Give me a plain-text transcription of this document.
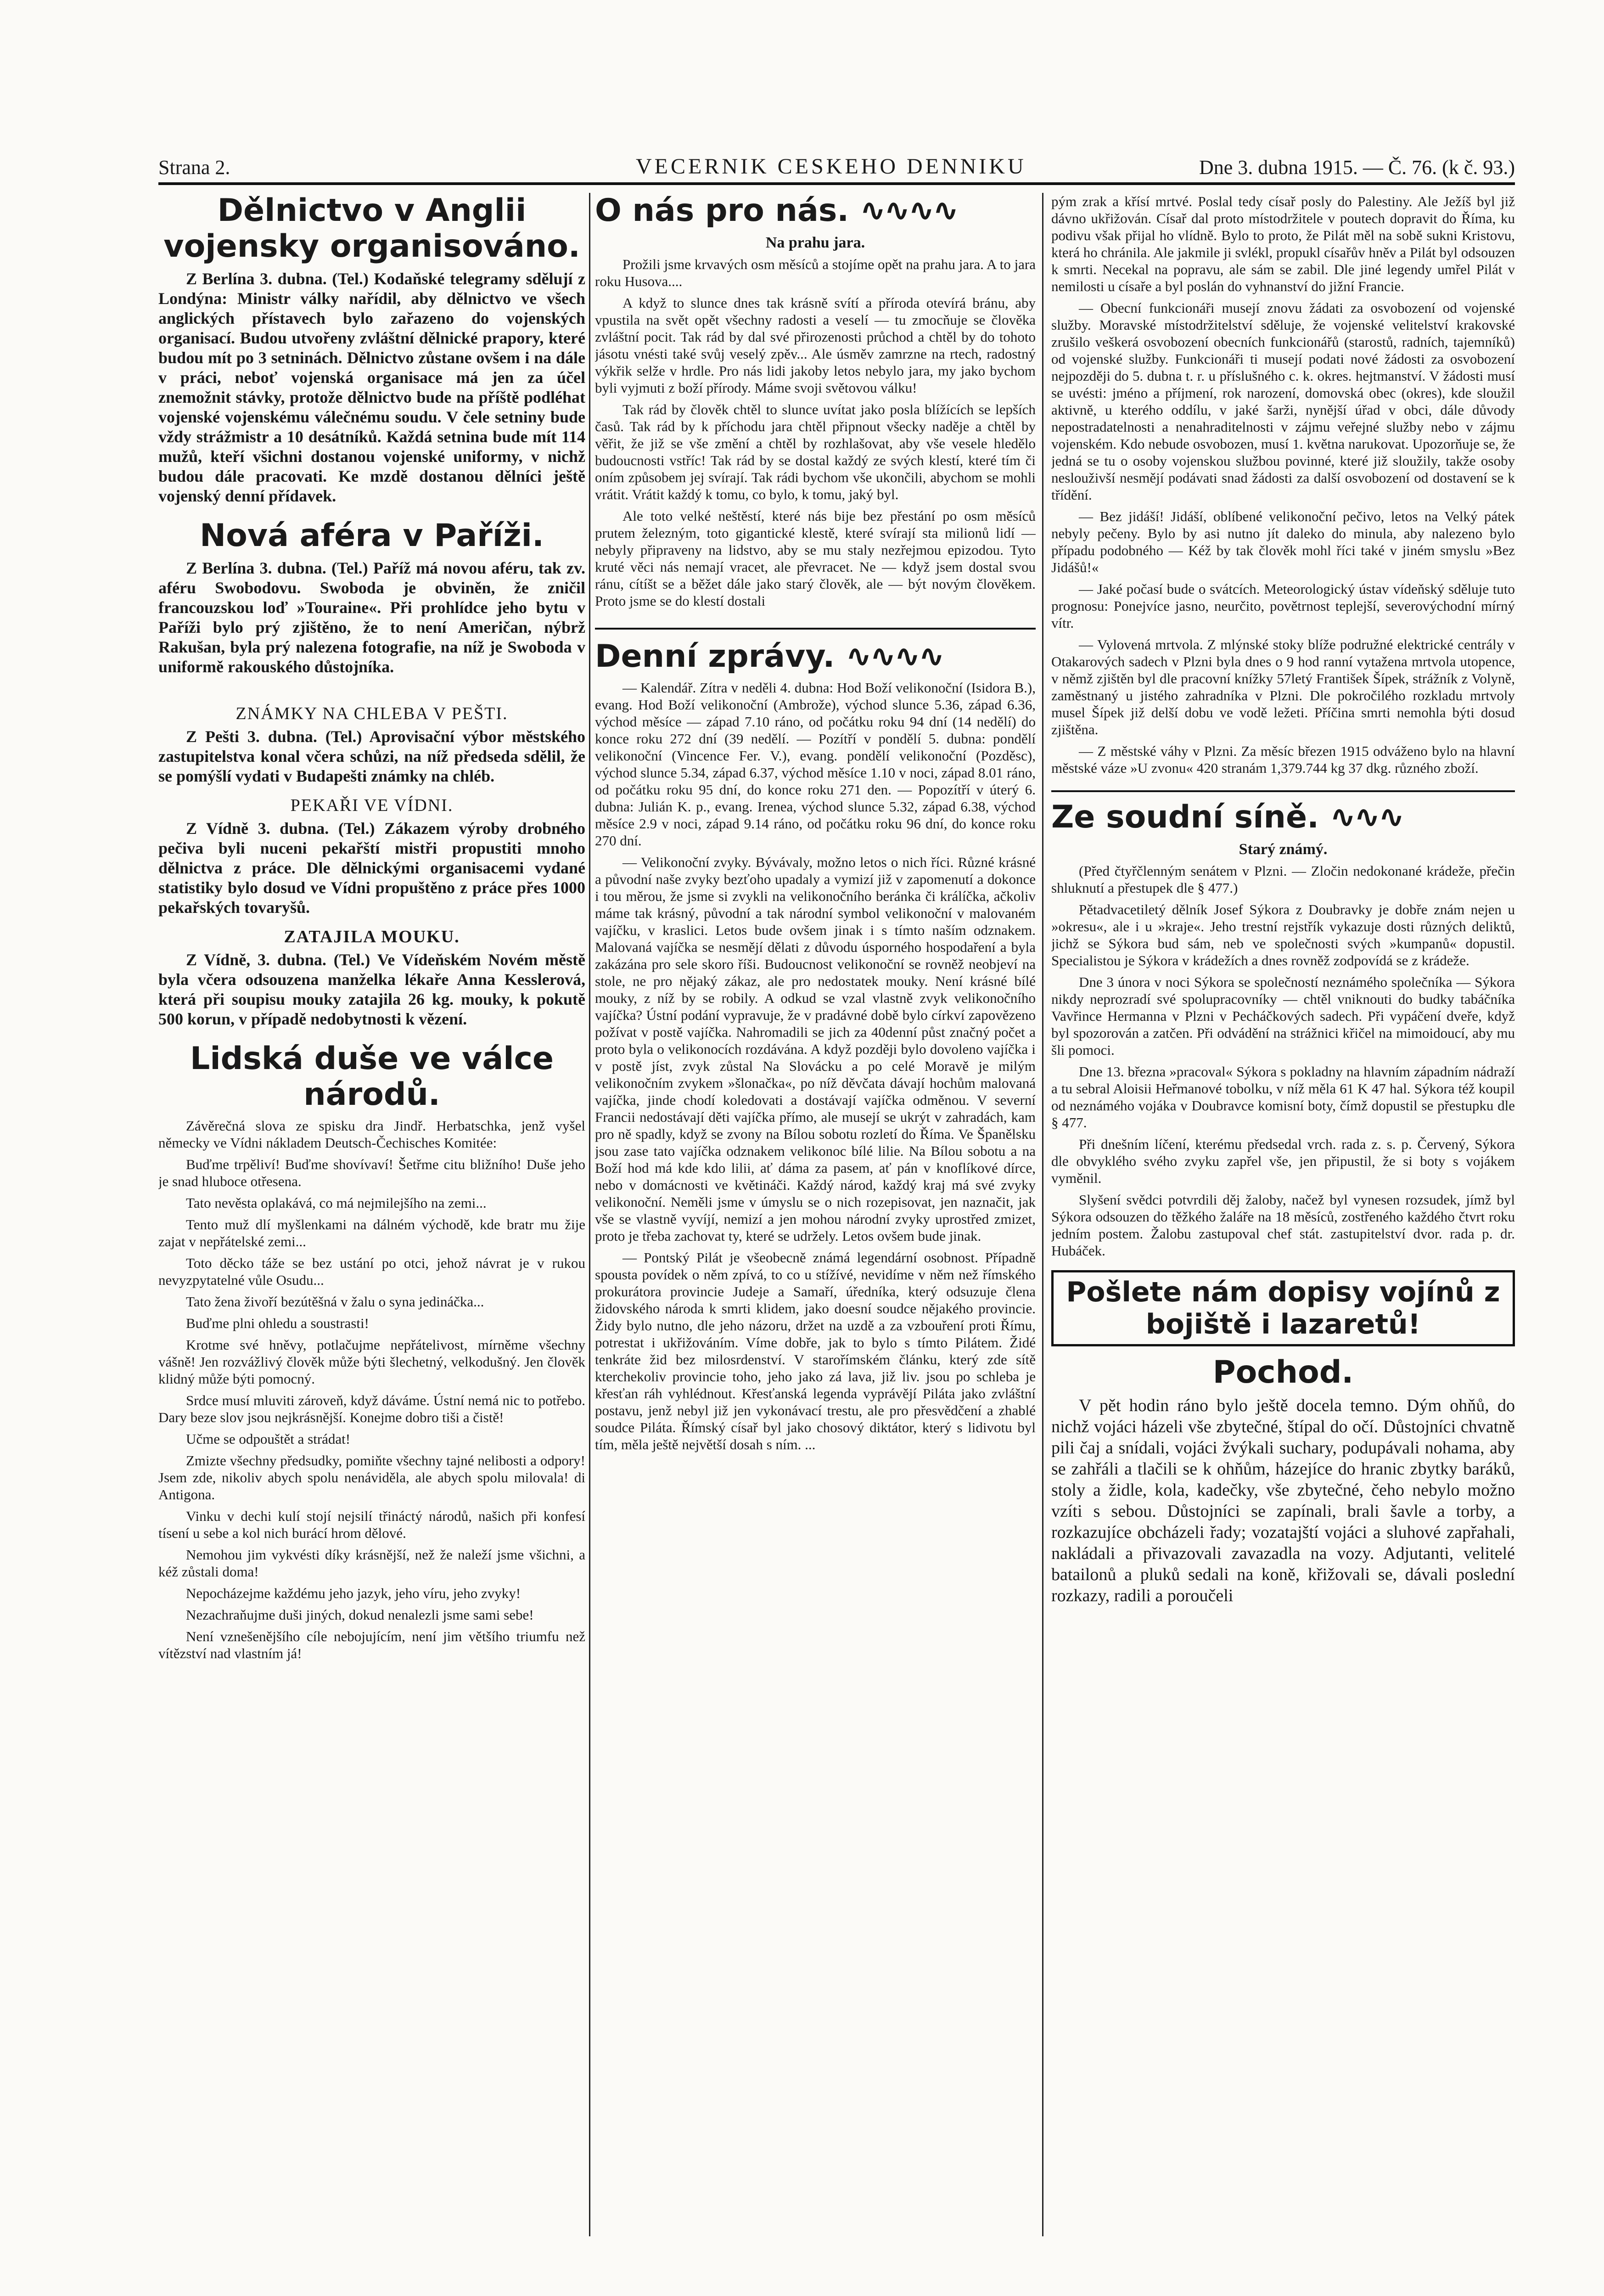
Strana 2.	VECERNIK CESKEHO DENNIKU	Dne 3. dubna 1915. — Č. 76. (k č. 93.)
Dělnictvo v Anglii vojensky organisováno.

Z Berlína 3. dubna. (Tel.) Kodaňské telegramy sdělují z Londýna: Ministr války nařídil, aby dělnictvo ve všech anglických přístavech bylo zařazeno do vojenských organisací. Budou utvořeny zvláštní dělnické prapory, které budou mít po 3 setninách. Dělnictvo zůstane ovšem i na dále v práci, neboť vojenská organisace má jen za účel znemožnit stávky, protože dělnictvo bude na příště podléhat vojenské vojenskému válečnému soudu. V čele setniny bude vždy strážmistr a 10 desátníků. Každá setnina bude mít 114 mužů, kteří všichni dostanou vojenské uniformy, v nichž budou dále pracovati. Ke mzdě dostanou dělníci ještě vojenský denní přídavek.

Nová aféra v Paříži.

Z Berlína 3. dubna. (Tel.) Paříž má novou aféru, tak zv. aféru Swobodovu. Swoboda je obviněn, že zničil francouzskou loď »Touraine«. Při prohlídce jeho bytu v Paříži bylo prý zjištěno, že to není Američan, nýbrž Rakušan, byla prý nalezena fotografie, na níž je Swoboda v uniformě rakouského důstojníka.

ZNÁMKY NA CHLEBA V PEŠTI.

Z Pešti 3. dubna. (Tel.) Aprovisační výbor městského zastupitelstva konal včera schůzi, na níž předseda sdělil, že se pomýšlí vydati v Budapešti známky na chléb.

PEKAŘI VE VÍDNI.

Z Vídně 3. dubna. (Tel.) Zákazem výroby drobného pečiva byli nuceni pekařští mistři propustiti mnoho dělnictva z práce. Dle dělnickými organisacemi vydané statistiky bylo dosud ve Vídni propuštěno z práce přes 1000 pekařských tovaryšů.

ZATAJILA MOUKU.

Z Vídně, 3. dubna. (Tel.) Ve Vídeňském Novém městě byla včera odsouzena manželka lékaře Anna Kesslerová, která při soupisu mouky zatajila 26 kg. mouky, k pokutě 500 korun, v případě nedobytnosti k vězení.

Lidská duše ve válce národů.

Závěrečná slova ze spisku dra Jindř. Herbatschka, jenž vyšel německy ve Vídni nákladem Deutsch-Čechisches Komitée:

Buďme trpěliví! Buďme shovívaví! Šetřme citu bližního! Duše jeho je snad hluboce otřesena.

Tato nevěsta oplakává, co má nejmilejšího na zemi...

Tento muž dlí myšlenkami na dálném východě, kde bratr mu žije zajat v nepřátelské zemi...

Toto děcko táže se bez ustání po otci, jehož návrat je v rukou nevyzpytatelné vůle Osudu...

Tato žena živoří bezútěšná v žalu o syna jedináčka...

Buďme plni ohledu a soustrasti!

Krotme své hněvy, potlačujme nepřátelivost, mírněme všechny vášně! Jen rozvážlivý člověk může býti šlechetný, velkodušný. Jen člověk klidný může býti pomocný.

Srdce musí mluviti zároveň, když dáváme. Ústní nemá nic to potřebo. Dary beze slov jsou nejkrásnější. Konejme dobro tiši a čistě!

Učme se odpouštět a strádat!

Zmizte všechny předsudky, pomiňte všechny tajné nelibosti a odpory! Jsem zde, nikoliv abych spolu nenáviděla, ale abych spolu milovala! di Antigona.

Vinku v dechi kulí stojí nejsilí třináctý národů, našich při konfesí tísení u sebe a kol nich burácí hrom dělové.

Nemohou jim vykvésti díky krásnější, než že naleží jsme všichni, a kéž zůstali doma!

Nepocházejme každému jeho jazyk, jeho víru, jeho zvyky!

Nezachraňujme duši jiných, dokud nenalezli jsme sami sebe!

Není vznešenějšího cíle nebojujícím, není jim většího triumfu než vítězství nad vlastním já!

O nás pro nás. ∿∿∿∿
Na prahu jara.

Prožili jsme krvavých osm měsíců a stojíme opět na prahu jara. A to jara roku Husova....

A když to slunce dnes tak krásně svítí a příroda otevírá bránu, aby vpustila na svět opět všechny radosti a veselí — tu zmocňuje se člověka zvláštní pocit. Tak rád by dal své přirozenosti průchod a chtěl by do tohoto jásotu vnésti také svůj veselý zpěv... Ale úsměv zamrzne na rtech, radostný výkřik selže v hrdle. Pro nás lidi jakoby letos nebylo jara, my jako bychom byli vyjmuti z boží přírody. Máme svoji světovou válku!

Tak rád by člověk chtěl to slunce uvítat jako posla blížících se lepších časů. Tak rád by k příchodu jara chtěl připnout všecky naděje a chtěl by věřit, že již se vše změní a chtěl by rozhlašovat, aby vše vesele hledělo budoucnosti vstříc! Tak rád by se dostal každý ze svých klestí, které tím či oním způsobem jej svírají. Tak rádi bychom vše ukončili, abychom se mohli vrátit. Vrátit každý k tomu, co bylo, k tomu, jaký byl.

Ale toto velké neštěstí, které nás bije bez přestání po osm měsíců prutem železným, toto gigantické klestě, které svírají sta milionů lidí — nebyly připraveny na lidstvo, aby se mu staly nezřejmou epizodou. Tyto kruté věci nás nemají vracet, ale převracet. Ne — když jsem dostal svou ránu, cítíšt se a běžet dále jako starý člověk, ale — být novým člověkem. Proto jsme se do klestí dostali

Denní zprávy. ∿∿∿∿

— Kalendář. Zítra v neděli 4. dubna: Hod Boží velikonoční (Isidora B.), evang. Hod Boží velikonoční (Ambrože), východ slunce 5.36, západ 6.36, východ měsíce — západ 7.10 ráno, od počátku roku 94 dní (14 nedělí) do konce roku 272 dní (39 nedělí. — Pozítří v pondělí 5. dubna: pondělí velikonoční (Vincence Fer. V.), evang. pondělí velikonoční (Pozděsc), východ slunce 5.34, západ 6.37, východ měsíce 1.10 v noci, západ 8.01 ráno, od počátku roku 95 dní, do konce roku 271 den. — Popozítří v úterý 6. dubna: Julián K. p., evang. Irenea, východ slunce 5.32, západ 6.38, východ měsíce 2.9 v noci, západ 9.14 ráno, od počátku roku 96 dní, do konce roku 270 dní.

— Velikonoční zvyky. Bývávaly, možno letos o nich říci. Různé krásné a původní naše zvyky bezťoho upadaly a vymizí již v zapomenutí a dokonce i tou měrou, že jsme si zvykli na velikonočního beránka či králíčka, ačkoliv máme tak krásný, původní a tak národní symbol velikonoční v malovaném vajíčku, v kraslici. Letos bude ovšem jinak i s tímto naším odznakem. Malovaná vajíčka se nesmějí dělati z důvodu úsporného hospodaření a byla zakázána pro sele skoro říši. Budoucnost velikonoční se rovněž neobjeví na stole, ne pro nějaký zákaz, ale pro nedostatek mouky. Není krásné bílé mouky, z níž by se robily. A odkud se vzal vlastně zvyk velikonočního vajíčka? Ústní podání vypravuje, že v pradávné době bylo církví zapovězeno požívat v postě vajíčka. Nahromadili se jich za 40denní půst značný počet a proto byla o velikonocích rozdávána. A když později bylo dovoleno vajíčka i v postě jíst, zvyk zůstal Na Slovácku a po celé Moravě je milým velikonočním zvykem »šlonačka«, po níž děvčata dávají hochům malovaná vajíčka, jinde chodí koledovati a dostávají vajíčka odměnou. V severní Francii nedostávají děti vajíčka přímo, ale musejí se ukrýt v zahradách, kam pro ně spadly, když se zvony na Bílou sobotu rozletí do Říma. Ve Španělsku jsou zase tato vajíčka odznakem velikonoc bílé lilie. Na Bílou sobotu a na Boží hod má kde kdo lilii, ať dáma za pasem, ať pán v knoflíkové dírce, nebo v domácnosti ve květináči. Každý národ, každý kraj má své zvyky velikonoční. Neměli jsme v úmyslu se o nich rozepisovat, jen naznačit, jak vše se vlastně vyvíjí, nemizí a jen mohou národní zvyky uprostřed zmizet, proto je třeba zachovat ty, které se udržely. Letos ovšem bude jinak.

— Pontský Pilát je všeobecně známá legendární osobnost. Případně spousta povídek o něm zpívá, to co u stížívé, nevidíme v něm než římského prokurátora provincie Judeje a Samaří, úředníka, který odsuzuje člena židovského národa k smrti klidem, jako doesní soudce nějakého provincie. Židy bylo nutno, dle jeho názoru, držet na uzdě a za vzbouření proti Římu, potrestat i ukřižováním. Víme dobře, jak to bylo s tímto Pilátem. Židé tenkráte žid bez milosrdenství. V starořímském článku, který zde sítě kterchekoliv provincie toho, jeho jako zá lava, již liv. jsou po schleba je křesťan ráh vyhlédnout. Křesťanská legenda vyprávějí Piláta jako zvláštní postavu, jenž nebyl již jen vykonávací trestu, ale pro přesvědčení a zhablé soudce Piláta. Římský císař byl jako chosový diktátor, který s lidivotu byl tím, měla ještě největší dosah s ním. ...

pým zrak a křísí mrtvé. Poslal tedy císař posly do Palestiny. Ale Ježíš byl již dávno ukřižován. Císař dal proto místodržitele v poutech dopravit do Říma, ku podivu však přijal ho vlídně. Bylo to proto, že Pilát měl na sobě sukni Kristovu, která ho chránila. Ale jakmile ji svlékl, propukl císařův hněv a Pilát byl odsouzen k smrti. Necekal na popravu, ale sám se zabil. Dle jiné legendy umřel Pilát v nemilosti u císaře a byl poslán do vyhnanství do jižní Francie.

— Obecní funkcionáři musejí znovu žádati za osvobození od vojenské služby. Moravské místodržitelství sděluje, že vojenské velitelství krakovské zrušilo veškerá osvobození obecních funkcionářů (starostů, radních, tajemníků) od vojenské služby. Funkcionáři ti musejí podati nové žádosti za osvobození nejpozději do 5. dubna t. r. u příslušného c. k. okres. hejtmanství. V žádosti musí se uvésti: jméno a příjmení, rok narození, domovská obec (okres), kde sloužil aktivně, u kterého oddílu, v jaké šarži, nynější úřad v obci, dále důvody nepostradatelnosti a nenahraditelnosti v zájmu veřejné služby nebo v zájmu vojenském. Kdo nebude osvobozen, musí 1. května narukovat. Upozorňuje se, že jedná se tu o osoby vojenskou službou povinné, které již sloužily, takže osoby neslouživší nesmějí podávati snad žádosti za další osvobození od dostavení se k třídění.

— Bez jidáší! Jidáší, oblíbené velikonoční pečivo, letos na Velký pátek nebyly pečeny. Bylo by asi nutno jít daleko do minula, aby nalezeno bylo případu podobného — Kéž by tak člověk mohl říci také v jiném smyslu »Bez Jidášů!«

— Jaké počasí bude o svátcích. Meteorologický ústav vídeňský sděluje tuto prognosu: Ponejvíce jasno, neurčito, povětrnost teplejší, severovýchodní mírný vítr.

— Vylovená mrtvola. Z mlýnské stoky blíže podružné elektrické centrály v Otakarových sadech v Plzni byla dnes o 9 hod ranní vytažena mrtvola utopence, v němž zjištěn byl dle pracovní knížky 57letý František Šípek, strážník z Volyně, zaměstnaný u jistého zahradníka v Plzni. Dle pokročilého rozkladu mrtvoly musel Šípek již delší dobu ve vodě ležeti. Příčina smrti nemohla býti dosud zjištěna.

— Z městské váhy v Plzni. Za měsíc březen 1915 odváženo bylo na hlavní městské váze »U zvonu« 420 stranám 1,379.744 kg 37 dkg. různého zboží.

Ze soudní síně. ∿∿∿
Starý známý.

(Před čtyřčlenným senátem v Plzni. — Zločin nedokonané krádeže, přečin shluknutí a přestupek dle § 477.)

Pětadvacetiletý dělník Josef Sýkora z Doubravky je dobře znám nejen u »okresu«, ale i u »kraje«. Jeho trestní rejstřík vykazuje dosti různých deliktů, jichž se Sýkora bud sám, neb ve společnosti svých »kumpanů« dopustil. Specialistou je Sýkora v krádežích a dnes rovněž zodpovídá se z krádeže.

Dne 3 února v noci Sýkora se společností neznámého společníka — Sýkora nikdy neprozradí své spolupracovníky — chtěl vniknouti do budky tabáčníka Vavřince Hermanna v Plzni v Pecháčkových sadech. Při vypáčení dveře, když byl spozorován a zatčen. Při odvádění na strážnici křičel na mimoidoucí, aby mu šli pomoci.

Dne 13. března »pracoval« Sýkora s pokladny na hlavním západním nádraží a tu sebral Aloisii Heřmanové tobolku, v níž měla 61 K 47 hal. Sýkora též koupil od neznámého vojáka v Doubravce komisní boty, čímž dopustil se přestupku dle § 477.

Při dnešním líčení, kterému předsedal vrch. rada z. s. p. Červený, Sýkora dle obvyklého svého zvyku zapřel vše, jen připustil, že si boty s vojákem vyměnil.

Slyšení svědci potvrdili děj žaloby, načež byl vynesen rozsudek, jímž byl Sýkora odsouzen do těžkého žaláře na 18 měsíců, zostřeného každého čtvrt roku jedním postem. Žalobu zastupoval chef stát. zastupitelství dvor. rada p. dr. Hubáček.

Pošlete nám dopisy vojínů z bojiště i lazaretů!
Pochod.

V pět hodin ráno bylo ještě docela temno. Dým ohňů, do nichž vojáci házeli vše zbytečné, štípal do očí. Důstojníci chvatně pili čaj a snídali, vojáci žvýkali suchary, podupávali nohama, aby se zahřáli a tlačili se k ohňům, házejíce do hranic zbytky baráků, stoly a židle, kola, kadečky, vše zbytečné, čeho nebylo možno vzíti s sebou. Důstojníci se zapínali, brali šavle a torby, a rozkazujíce obcházeli řady; vozatajští vojáci a sluhové zapřahali, nakládali a přivazovali zavazadla na vozy. Adjutanti, velitelé batailonů a pluků sedali na koně, křižovali se, dávali poslední rozkazy, radili a poroučeli
